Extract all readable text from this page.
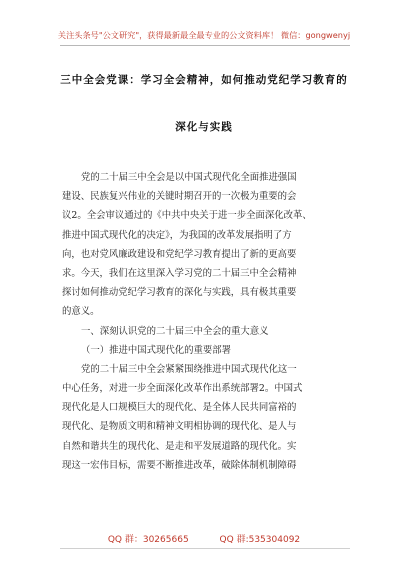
关注头条号"公文研究"，获得最新最全最专业的公文资料库！ 微信：gongwenyj
三中全会党课：学习全会精神，如何推动党纪学习教育的
深化与实践
党的二十届三中全会是以中国式现代化全面推进强国
建设、民族复兴伟业的关键时期召开的一次极为重要的会
议2。全会审议通过的《中共中央关于进一步全面深化改革、
推进中国式现代化的决定》，为我国的改革发展指明了方
向，也对党风廉政建设和党纪学习教育提出了新的更高要
求。今天，我们在这里深入学习党的二十届三中全会精神
探讨如何推动党纪学习教育的深化与实践，具有极其重要
的意义。
一、深刻认识党的二十届三中全会的重大意义
（一）推进中国式现代化的重要部署
党的二十届三中全会紧紧围绕推进中国式现代化这一
中心任务，对进一步全面深化改革作出系统部署2。中国式
现代化是人口规模巨大的现代化、是全体人民共同富裕的
现代化、是物质文明和精神文明相协调的现代化、是人与
自然和谐共生的现代化、是走和平发展道路的现代化。实
现这一宏伟目标，需要不断推进改革，破除体制机制障碍
QQ 群：30265665	QQ 群:535304092
